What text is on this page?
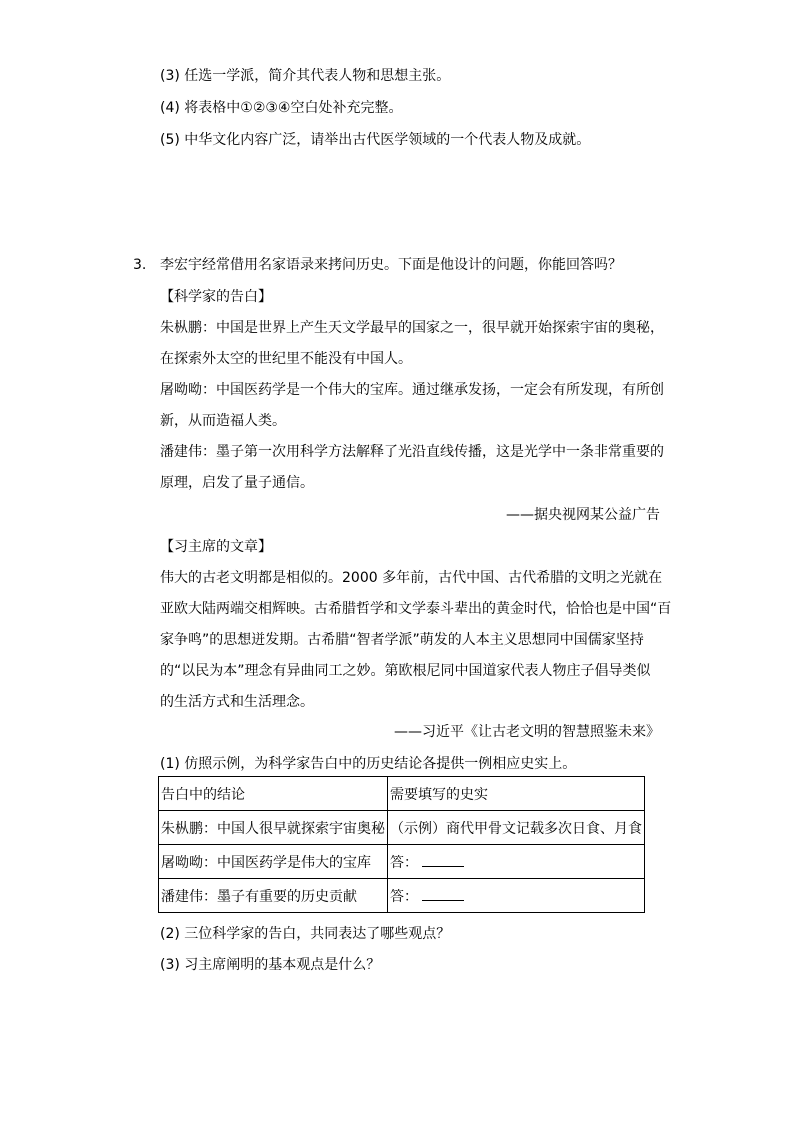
(3) 任选一学派，简介其代表人物和思想主张。
(4) 将表格中①②③④空白处补充完整。
(5) 中华文化内容广泛，请举出古代医学领域的一个代表人物及成就。
3. 李宏宇经常借用名家语录来拷问历史。下面是他设计的问题，你能回答吗？
【科学家的告白】
朱枞鹏：中国是世界上产生天文学最早的国家之一，很早就开始探索宇宙的奥秘，
在探索外太空的世纪里不能没有中国人。
屠呦呦：中国医药学是一个伟大的宝库。通过继承发扬，一定会有所发现，有所创
新，从而造福人类。
潘建伟：墨子第一次用科学方法解释了光沿直线传播，这是光学中一条非常重要的
原理，启发了量子通信。
——据央视网某公益广告
【习主席的文章】
伟大的古老文明都是相似的。2000 多年前，古代中国、古代希腊的文明之光就在
亚欧大陆两端交相辉映。古希腊哲学和文学泰斗辈出的黄金时代，恰恰也是中国“百
家争鸣”的思想迸发期。古希腊“智者学派”萌发的人本主义思想同中国儒家坚持
的“以民为本”理念有异曲同工之妙。第欧根尼同中国道家代表人物庄子倡导类似
的生活方式和生活理念。
——习近平《让古老文明的智慧照鉴未来》
(1) 仿照示例，为科学家告白中的历史结论各提供一例相应史实上。
告白中的结论	需要填写的史实
朱枞鹏：中国人很早就探索宇宙奥秘	（示例）商代甲骨文记载多次日食、月食
屠呦呦：中国医药学是伟大的宝库	答：
潘建伟：墨子有重要的历史贡献	答：
(2) 三位科学家的告白，共同表达了哪些观点？
(3) 习主席阐明的基本观点是什么？
